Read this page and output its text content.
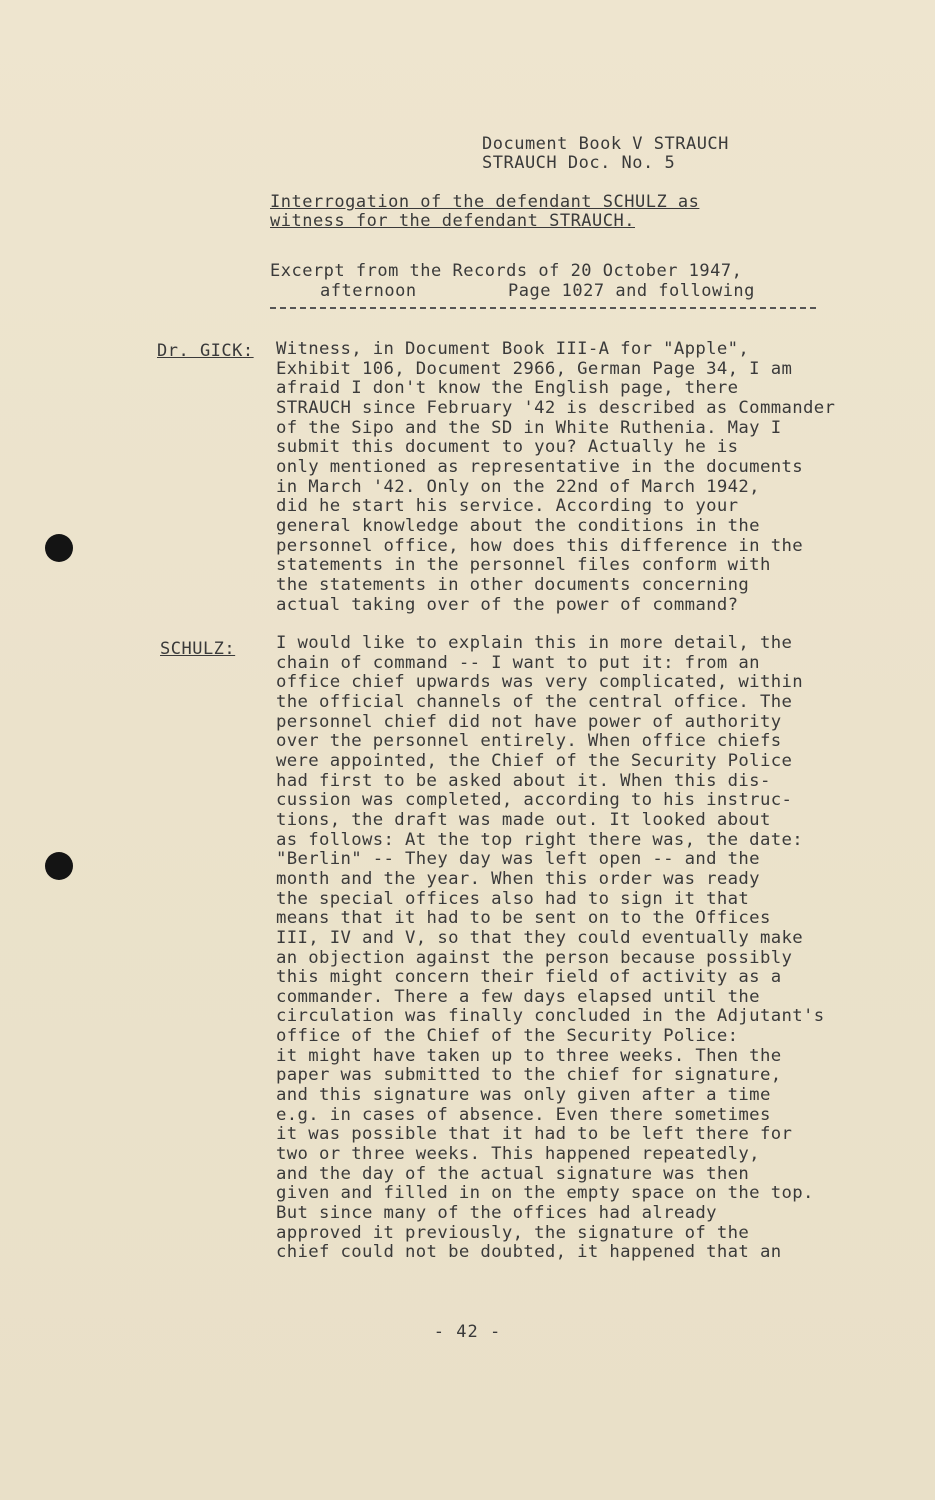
Document Book V STRAUCH
STRAUCH Doc. No. 5
Interrogation of the defendant SCHULZ as
witness for the defendant STRAUCH.
Excerpt from the Records of 20 October 1947,
afternoon	Page 1027 and following
Dr. GICK: Witness, in Document Book III-A for "Apple",
Exhibit 106, Document 2966, German Page 34, I am
afraid I don't know the English page, there
STRAUCH since February '42 is described as Commander
of the Sipo and the SD in White Ruthenia. May I
submit this document to you? Actually he is
only mentioned as representative in the documents
in March '42. Only on the 22nd of March 1942,
did he start his service. According to your
general knowledge about the conditions in the
personnel office, how does this difference in the
statements in the personnel files conform with
the statements in other documents concerning
actual taking over of the power of command?
SCHULZ: I would like to explain this in more detail, the
chain of command -- I want to put it: from an
office chief upwards was very complicated, within
the official channels of the central office. The
personnel chief did not have power of authority
over the personnel entirely. When office chiefs
were appointed, the Chief of the Security Police
had first to be asked about it. When this dis-
cussion was completed, according to his instruc-
tions, the draft was made out. It looked about
as follows: At the top right there was, the date:
"Berlin" -- They day was left open -- and the
month and the year. When this order was ready
the special offices also had to sign it that
means that it had to be sent on to the Offices
III, IV and V, so that they could eventually make
an objection against the person because possibly
this might concern their field of activity as a
commander. There a few days elapsed until the
circulation was finally concluded in the Adjutant's
office of the Chief of the Security Police:
it might have taken up to three weeks. Then the
paper was submitted to the chief for signature,
and this signature was only given after a time
e.g. in cases of absence. Even there sometimes
it was possible that it had to be left there for
two or three weeks. This happened repeatedly,
and the day of the actual signature was then
given and filled in on the empty space on the top.
But since many of the offices had already
approved it previously, the signature of the
chief could not be doubted, it happened that an
- 42 -
